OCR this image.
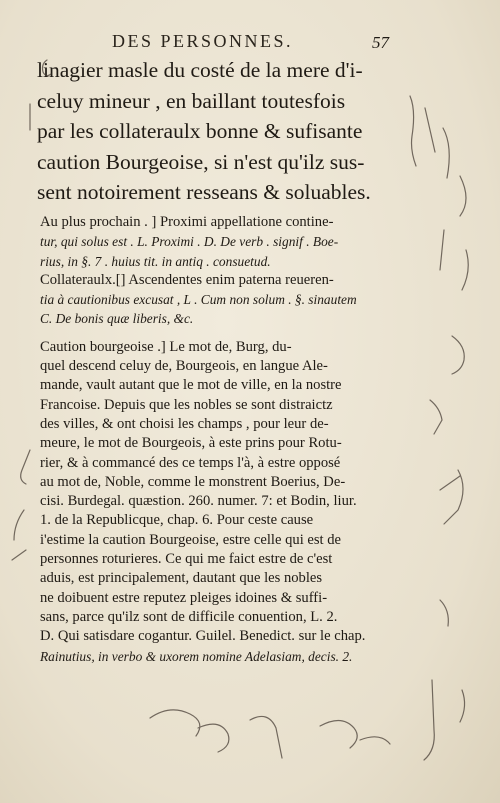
DES PERSONNES.	57
linagier masle du costé de la mere d'i-
celuy mineur , en baillant toutesfois
par les collateraulx bonne & sufisante
caution Bourgeoise, si n'est qu'ilz sus-
sent notoirement resseans & soluables.
Au plus prochain . ] Proximi appellatione contine-
tur, qui solus est . L. Proximi . D. De verb . signif . Boe-
rius, in §. 7 . huius tit. in antiq . consuetud.
Collateraulx.[] Ascendentes enim paterna reueren-
tia à cautionibus excusat , L . Cum non solum . §. sinautem
C. De bonis quæ liberis, &c.
Caution bourgeoise .] Le mot de, Burg, du-
quel descend celuy de, Bourgeois, en langue Ale-
mande, vault autant que le mot de ville, en la nostre
Francoise. Depuis que les nobles se sont distraictz
des villes, & ont choisi les champs , pour leur de-
meure, le mot de Bourgeois, à este prins pour Rotu-
rier, & à commancé des ce temps l'à, à estre opposé
au mot de, Noble, comme le monstrent Boerius, De-
cisi. Burdegal. quæstion. 260. numer. 7: et Bodin, liur.
1. de la Republicque, chap. 6. Pour ceste cause
i'estime la caution Bourgeoise, estre celle qui est de
personnes roturieres. Ce qui me faict estre de c'est
aduis, est principalement, dautant que les nobles
ne doibuent estre reputez pleiges idoines & suffi-
sans, parce qu'ilz sont de difficile conuention, L. 2.
D. Qui satisdare cogantur. Guilel. Benedict. sur le chap.
Rainutius, in verbo & uxorem nomine Adelasiam, decis. 2.
